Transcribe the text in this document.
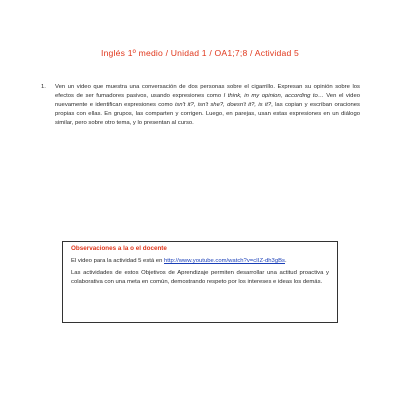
Inglés 1º medio / Unidad 1 / OA1;7;8 / Actividad 5
1. Ven un video que muestra una conversación de dos personas sobre el cigarrillo. Expresan su opinión sobre los efectos de ser fumadores pasivos, usando expresiones como I think, in my opinion, according to… Ven el video nuevamente e identifican expresiones como isn't it?, isn't she?, doesn't it?, is it?, las copian y escriban oraciones propias con ellas. En grupos, las comparten y corrigen. Luego, en parejas, usan estas expresiones en un diálogo similar, pero sobre otro tema, y lo presentan al curso.
Observaciones a la o el docente

El video para la actividad 5 está en http://www.youtube.com/watch?v=cIIZ-dh3gBs.

Las actividades de estos Objetivos de Aprendizaje permiten desarrollar una actitud proactiva y colaborativa con una meta en común, demostrando respeto por los intereses e ideas los demás.
